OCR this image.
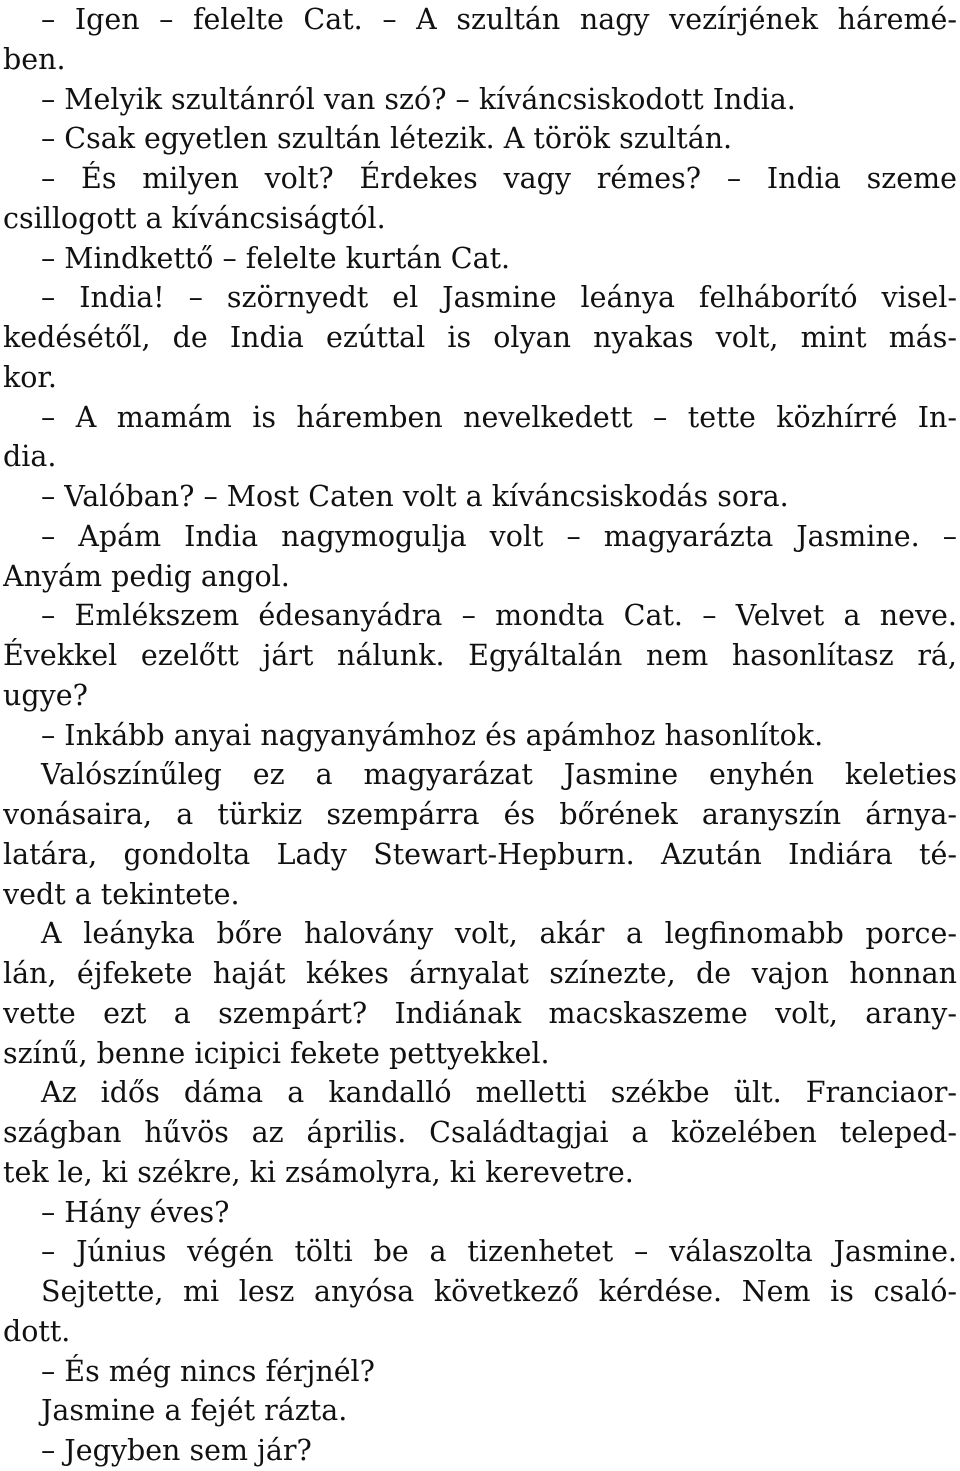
– Igen – felelte Cat. – A szultán nagy vezírjének háremé-
ben.
– Melyik szultánról van szó? – kíváncsiskodott India.
– Csak egyetlen szultán létezik. A török szultán.
– És milyen volt? Érdekes vagy rémes? – India szeme
csillogott a kíváncsiságtól.
– Mindkettő – felelte kurtán Cat.
– India! – szörnyedt el Jasmine leánya felháborító visel-
kedésétől, de India ezúttal is olyan nyakas volt, mint más-
kor.
– A mamám is háremben nevelkedett – tette közhírré In-
dia.
– Valóban? – Most Caten volt a kíváncsiskodás sora.
– Apám India nagymogulja volt – magyarázta Jasmine. –
Anyám pedig angol.
– Emlékszem édesanyádra – mondta Cat. – Velvet a neve.
Évekkel ezelőtt járt nálunk. Egyáltalán nem hasonlítasz rá,
ugye?
– Inkább anyai nagyanyámhoz és apámhoz hasonlítok.
Valószínűleg ez a magyarázat Jasmine enyhén keleties
vonásaira, a türkiz szempárra és bőrének aranyszín árnya-
latára, gondolta Lady Stewart-Hepburn. Azután Indiára té-
vedt a tekintete.
A leányka bőre halovány volt, akár a legfinomabb porce-
lán, éjfekete haját kékes árnyalat színezte, de vajon honnan
vette ezt a szempárt? Indiának macskaszeme volt, arany-
színű, benne icipici fekete pettyekkel.
Az idős dáma a kandalló melletti székbe ült. Franciaor-
szágban hűvös az április. Családtagjai a közelében teleped-
tek le, ki székre, ki zsámolyra, ki kerevetre.
– Hány éves?
– Június végén tölti be a tizenhetet – válaszolta Jasmine.
Sejtette, mi lesz anyósa következő kérdése. Nem is csaló-
dott.
– És még nincs férjnél?
Jasmine a fejét rázta.
– Jegyben sem jár?
